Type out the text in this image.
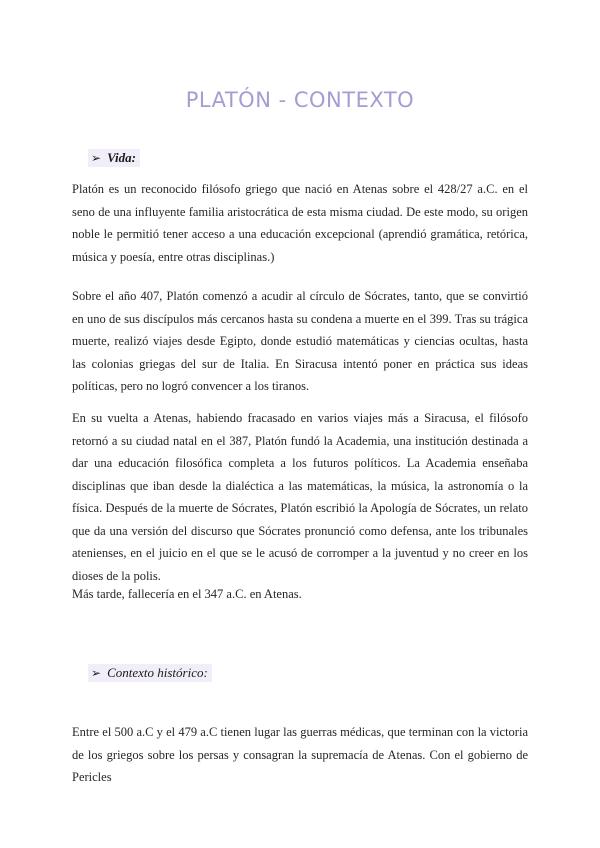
PLATÓN - CONTEXTO
➢ Vida:

Platón es un reconocido filósofo griego que nació en Atenas sobre el 428/27 a.C. en el seno de una influyente familia aristocrática de esta misma ciudad. De este modo, su origen noble le permitió tener acceso a una educación excepcional (aprendió gramática, retórica, música y poesía, entre otras disciplinas.)

Sobre el año 407, Platón comenzó a acudir al círculo de Sócrates, tanto, que se convirtió en uno de sus discípulos más cercanos hasta su condena a muerte en el 399. Tras su trágica muerte, realizó viajes desde Egipto, donde estudió matemáticas y ciencias ocultas, hasta las colonias griegas del sur de Italia. En Siracusa intentó poner en práctica sus ideas políticas, pero no logró convencer a los tiranos.

En su vuelta a Atenas, habiendo fracasado en varios viajes más a Siracusa, el filósofo retornó a su ciudad natal en el 387, Platón fundó la Academia, una institución destinada a dar una educación filosófica completa a los futuros políticos. La Academia enseñaba disciplinas que iban desde la dialéctica a las matemáticas, la música, la astronomía o la física. Después de la muerte de Sócrates, Platón escribió la Apología de Sócrates, un relato que da una versión del discurso que Sócrates pronunció como defensa, ante los tribunales atenienses, en el juicio en el que se le acusó de corromper a la juventud y no creer en los dioses de la polis.

Más tarde, fallecería en el 347 a.C. en Atenas.

➢ Contexto histórico:

Entre el 500 a.C y el 479 a.C tienen lugar las guerras médicas, que terminan con la victoria de los griegos sobre los persas y consagran la supremacía de Atenas. Con el gobierno de Pericles
